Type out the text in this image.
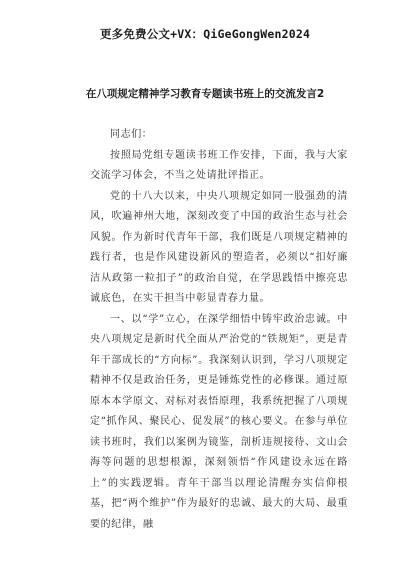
更多免费公文+VX：QiGeGongWen2024
在八项规定精神学习教育专题读书班上的交流发言2

同志们：

按照局党组专题读书班工作安排，下面，我与大家交流学习体会，不当之处请批评指正。

党的十八大以来，中央八项规定如同一股强劲的清风，吹遍神州大地，深刻改变了中国的政治生态与社会风貌。作为新时代青年干部，我们既是八项规定精神的践行者，也是作风建设新风的塑造者，必须以“扣好廉洁从政第一粒扣子”的政治自觉，在学思践悟中擦亮忠诚底色，在实干担当中彰显青春力量。

一、以“学”立心，在深学细悟中铸牢政治忠诚。中央八项规定是新时代全面从严治党的“铁规矩”，更是青年干部成长的“方向标”。我深刻认识到，学习八项规定精神不仅是政治任务，更是锤炼党性的必修课。通过原原本本学原文、对标对表悟原理，我系统把握了八项规定“抓作风、聚民心、促发展”的核心要义。在参与单位读书班时，我们以案例为镜鉴，剖析违规接待、文山会海等问题的思想根源，深刻领悟“作风建设永远在路上”的实践逻辑。青年干部当以理论清醒夯实信仰根基，把“两个维护”作为最好的忠诚、最大的大局、最重要的纪律，融
